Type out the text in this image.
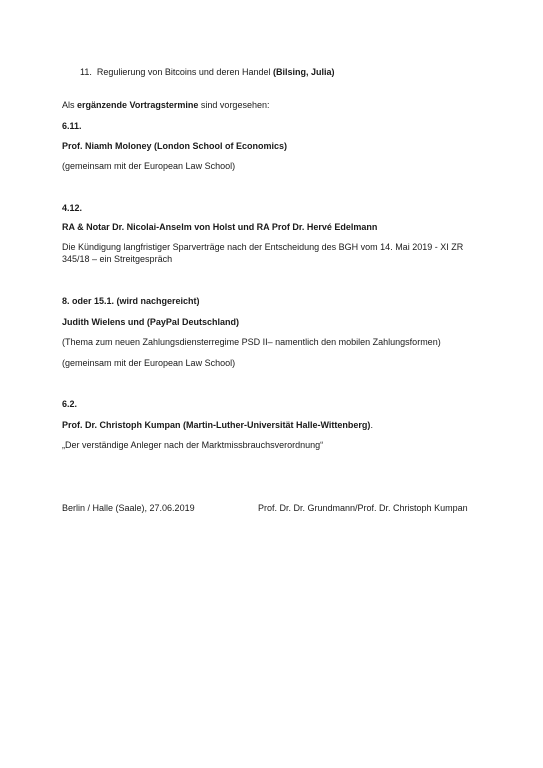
11. Regulierung von Bitcoins und deren Handel (Bilsing, Julia)

Als ergänzende Vortragstermine sind vorgesehen:

6.11.

Prof. Niamh Moloney (London School of Economics)

(gemeinsam mit der European Law School)

4.12.

RA & Notar Dr. Nicolai-Anselm von Holst und RA Prof Dr. Hervé Edelmann

Die Kündigung langfristiger Sparverträge nach der Entscheidung des BGH vom 14. Mai 2019 - XI ZR 345/18 – ein Streitgespräch

8. oder 15.1. (wird nachgereicht)

Judith Wielens und (PayPal Deutschland)

(Thema zum neuen Zahlungsdiensterregime PSD II– namentlich den mobilen Zahlungsformen)

(gemeinsam mit der European Law School)

6.2.

Prof. Dr. Christoph Kumpan (Martin-Luther-Universität Halle-Wittenberg).

„Der verständige Anleger nach der Marktmissbrauchsverordnung“

Berlin / Halle (Saale), 27.06.2019	Prof. Dr. Dr. Grundmann/Prof. Dr. Christoph Kumpan
